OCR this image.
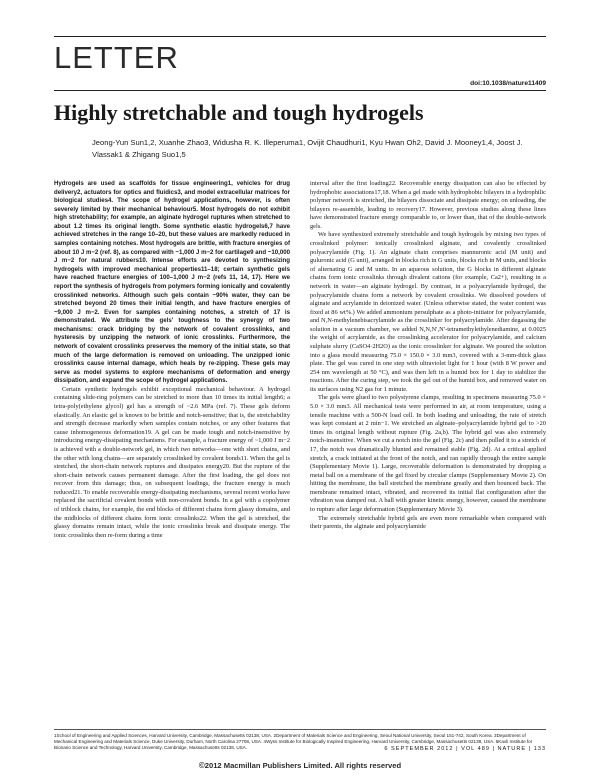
LETTER
doi:10.1038/nature11409
Highly stretchable and tough hydrogels
Jeong-Yun Sun1,2, Xuanhe Zhao3, Widusha R. K. Illeperuma1, Ovijit Chaudhuri1, Kyu Hwan Oh2, David J. Mooney1,4, Joost J. Vlassak1 & Zhigang Suo1,5

Hydrogels are used as scaffolds for tissue engineering1, vehicles for drug delivery2, actuators for optics and fluidics3, and model extracellular matrices for biological studies4. The scope of hydrogel applications, however, is often severely limited by their mechanical behaviour5. Most hydrogels do not exhibit high stretchability; for example, an alginate hydrogel ruptures when stretched to about 1.2 times its original length. Some synthetic elastic hydrogels6,7 have achieved stretches in the range 10–20, but these values are markedly reduced in samples containing notches. Most hydrogels are brittle, with fracture energies of about 10 J m−2 (ref. 8), as compared with ~1,000 J m−2 for cartilage9 and ~10,000 J m−2 for natural rubbers10. Intense efforts are devoted to synthesizing hydrogels with improved mechanical properties11–18; certain synthetic gels have reached fracture energies of 100–1,000 J m−2 (refs 11, 14, 17). Here we report the synthesis of hydrogels from polymers forming ionically and covalently crosslinked networks. Although such gels contain ~90% water, they can be stretched beyond 20 times their initial length, and have fracture energies of ~9,000 J m−2. Even for samples containing notches, a stretch of 17 is demonstrated. We attribute the gels' toughness to the synergy of two mechanisms: crack bridging by the network of covalent crosslinks, and hysteresis by unzipping the network of ionic crosslinks. Furthermore, the network of covalent crosslinks preserves the memory of the initial state, so that much of the large deformation is removed on unloading. The unzipped ionic crosslinks cause internal damage, which heals by re-zipping. These gels may serve as model systems to explore mechanisms of deformation and energy dissipation, and expand the scope of hydrogel applications.

Certain synthetic hydrogels exhibit exceptional mechanical behaviour. A hydrogel containing slide-ring polymers can be stretched to more than 10 times its initial length6; a tetra-poly(ethylene glycol) gel has a strength of ~2.6 MPa (ref. 7). These gels deform elastically. An elastic gel is known to be brittle and notch-sensitive; that is, the stretchability and strength decrease markedly when samples contain notches, or any other features that cause inhomogeneous deformation19. A gel can be made tough and notch-insensitive by introducing energy-dissipating mechanisms. For example, a fracture energy of ~1,000 J m−2 is achieved with a double-network gel, in which two networks—one with short chains, and the other with long chains—are separately crosslinked by covalent bonds11. When the gel is stretched, the short-chain network ruptures and dissipates energy20. But the rupture of the short-chain network causes permanent damage. After the first loading, the gel does not recover from this damage; thus, on subsequent loadings, the fracture energy is much reduced21. To enable recoverable energy-dissipating mechanisms, several recent works have replaced the sacrificial covalent bonds with non-covalent bonds. In a gel with a copolymer of triblock chains, for example, the end blocks of different chains form glassy domains, and the midblocks of different chains form ionic crosslinks22. When the gel is stretched, the glassy domains remain intact, while the ionic crosslinks break and dissipate energy. The ionic crosslinks then re-form during a time

interval after the first loading22. Recoverable energy dissipation can also be effected by hydrophobic associations17,18. When a gel made with hydrophobic bilayers in a hydrophilic polymer network is stretched, the bilayers dissociate and dissipate energy; on unloading, the bilayers re-assemble, leading to recovery17. However, previous studies along these lines have demonstrated fracture energy comparable to, or lower than, that of the double-network gels.

We have synthesized extremely stretchable and tough hydrogels by mixing two types of crosslinked polymer: ionically crosslinked alginate, and covalently crosslinked polyacrylamide (Fig. 1). An alginate chain comprises mannuronic acid (M unit) and guluronic acid (G unit), arranged in blocks rich in G units, blocks rich in M units, and blocks of alternating G and M units. In an aqueous solution, the G blocks in different alginate chains form ionic crosslinks through divalent cations (for example, Ca2+), resulting in a network in water—an alginate hydrogel. By contrast, in a polyacrylamide hydrogel, the polyacrylamide chains form a network by covalent crosslinks. We dissolved powders of alginate and acrylamide in deionized water. (Unless otherwise stated, the water content was fixed at 86 wt%.) We added ammonium persulphate as a photo-initiator for polyacrylamide, and N,N-methylenebisacrylamide as the crosslinker for polyacrylamide. After degassing the solution in a vacuum chamber, we added N,N,N′,N′-tetramethylethylenediamine, at 0.0025 the weight of acrylamide, as the crosslinking accelerator for polyacrylamide, and calcium sulphate slurry (CaSO4·2H2O) as the ionic crosslinker for alginate. We poured the solution into a glass mould measuring 75.0 × 150.0 × 3.0 mm3, covered with a 3-mm-thick glass plate. The gel was cured in one step with ultraviolet light for 1 hour (with 8 W power and 254 nm wavelength at 50 °C), and was then left in a humid box for 1 day to stabilize the reactions. After the curing step, we took the gel out of the humid box, and removed water on its surfaces using N2 gas for 1 minute.

The gels were glued to two polystyrene clamps, resulting in specimens measuring 75.0 × 5.0 × 3.0 mm3. All mechanical tests were performed in air, at room temperature, using a tensile machine with a 500-N load cell. In both loading and unloading, the rate of stretch was kept constant at 2 min−1. We stretched an alginate–polyacrylamide hybrid gel to >20 times its original length without rupture (Fig. 2a,b). The hybrid gel was also extremely notch-insensitive. When we cut a notch into the gel (Fig. 2c) and then pulled it to a stretch of 17, the notch was dramatically blunted and remained stable (Fig. 2d). At a critical applied stretch, a crack initiated at the front of the notch, and ran rapidly through the entire sample (Supplementary Movie 1). Large, recoverable deformation is demonstrated by dropping a metal ball on a membrane of the gel fixed by circular clamps (Supplementary Movie 2). On hitting the membrane, the ball stretched the membrane greatly and then bounced back. The membrane remained intact, vibrated, and recovered its initial flat configuration after the vibration was damped out. A ball with greater kinetic energy, however, caused the membrane to rupture after large deformation (Supplementary Movie 3).

The extremely stretchable hybrid gels are even more remarkable when compared with their parents, the alginate and polyacrylamide

1School of Engineering and Applied Sciences, Harvard University, Cambridge, Massachusetts 02138, USA. 2Department of Materials Science and Engineering, Seoul National University, Seoul 151-742, South Korea. 3Department of Mechanical Engineering and Materials Science, Duke University, Durham, North Carolina 27708, USA. 4Wyss Institute for Biologically Inspired Engineering, Harvard University, Cambridge, Massachusetts 02138, USA. 5Kavli Institute for Bionano Science and Technology, Harvard University, Cambridge, Massachusetts 02138, USA.	6 SEPTEMBER 2012 | VOL 489 | NATURE | 133
©2012 Macmillan Publishers Limited. All rights reserved
